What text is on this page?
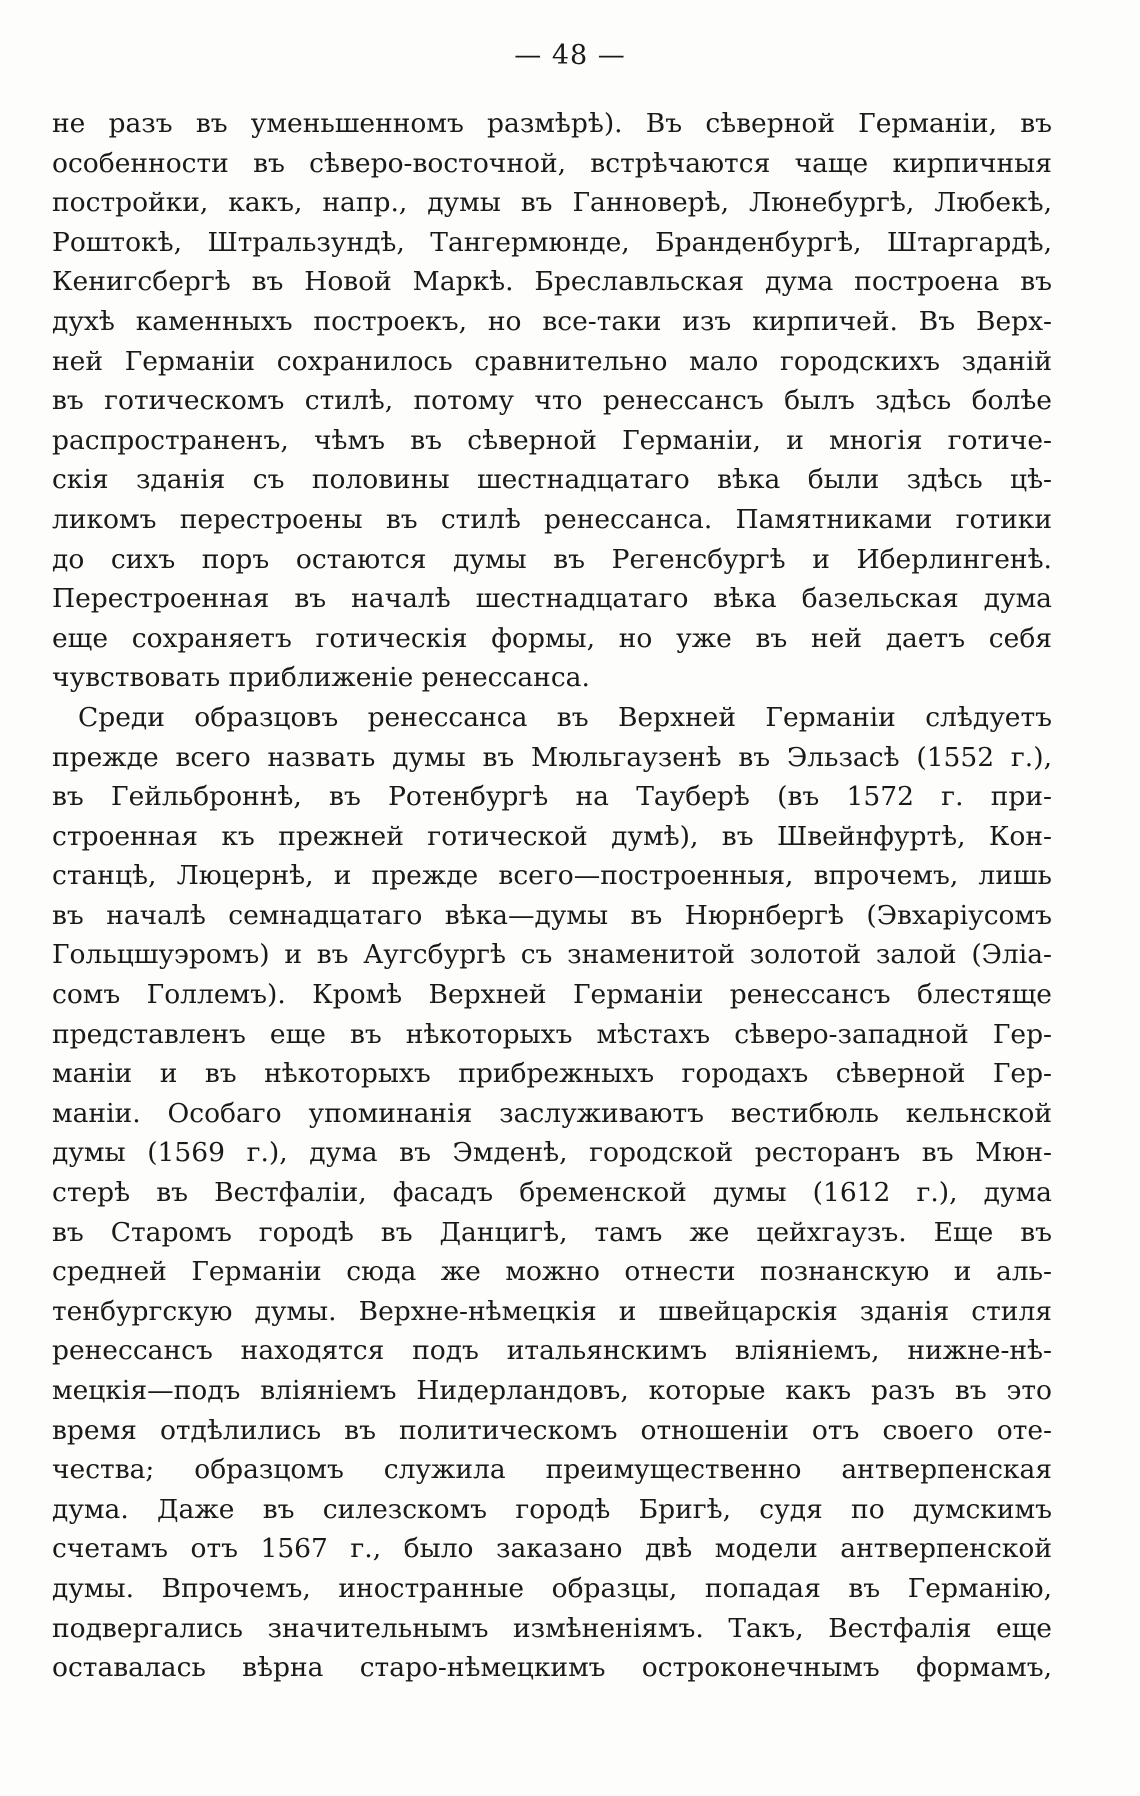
— 48 —
не разъ въ уменьшенномъ размѣрѣ). Въ сѣверной Германіи, въ
особенности въ сѣверо-восточной, встрѣчаются чаще кирпичныя
постройки, какъ, напр., думы въ Ганноверѣ, Люнебургѣ, Любекѣ,
Роштокѣ, Штральзундѣ, Тангермюнде, Бранденбургѣ, Штаргардѣ,
Кенигсбергѣ въ Новой Маркѣ. Бреславльская дума построена въ
духѣ каменныхъ построекъ, но все-таки изъ кирпичей. Въ Верх-
ней Германіи сохранилось сравнительно мало городскихъ зданій
въ готическомъ стилѣ, потому что ренессансъ былъ здѣсь болѣе
распространенъ, чѣмъ въ сѣверной Германіи, и многія готиче-
скія зданія съ половины шестнадцатаго вѣка были здѣсь цѣ-
ликомъ перестроены въ стилѣ ренессанса. Памятниками готики
до сихъ поръ остаются думы въ Регенсбургѣ и Иберлингенѣ.
Перестроенная въ началѣ шестнадцатаго вѣка базельская дума
еще сохраняетъ готическія формы, но уже въ ней даетъ себя
чувствовать приближеніе ренессанса.
Среди образцовъ ренессанса въ Верхней Германіи слѣдуетъ
прежде всего назвать думы въ Мюльгаузенѣ въ Эльзасѣ (1552 г.),
въ Гейльброннѣ, въ Ротенбургѣ на Тауберѣ (въ 1572 г. при-
строенная къ прежней готической думѣ), въ Швейнфуртѣ, Кон-
станцѣ, Люцернѣ, и прежде всего—построенныя, впрочемъ, лишь
въ началѣ семнадцатаго вѣка—думы въ Нюрнбергѣ (Эвхаріусомъ
Гольцшуэромъ) и въ Аугсбургѣ съ знаменитой золотой залой (Эліа-
сомъ Голлемъ). Кромѣ Верхней Германіи ренессансъ блестяще
представленъ еще въ нѣкоторыхъ мѣстахъ сѣверо-западной Гер-
маніи и въ нѣкоторыхъ прибрежныхъ городахъ сѣверной Гер-
маніи. Особаго упоминанія заслуживаютъ вестибюль кельнской
думы (1569 г.), дума въ Эмденѣ, городской ресторанъ въ Мюн-
стерѣ въ Вестфаліи, фасадъ бременской думы (1612 г.), дума
въ Старомъ городѣ въ Данцигѣ, тамъ же цейхгаузъ. Еще въ
средней Германіи сюда же можно отнести познанскую и аль-
тенбургскую думы. Верхне-нѣмецкія и швейцарскія зданія стиля
ренессансъ находятся подъ итальянскимъ вліяніемъ, нижне-нѣ-
мецкія—подъ вліяніемъ Нидерландовъ, которые какъ разъ въ это
время отдѣлились въ политическомъ отношеніи отъ своего оте-
чества; образцомъ служила преимущественно антверпенская
дума. Даже въ силезскомъ городѣ Бригѣ, судя по думскимъ
счетамъ отъ 1567 г., было заказано двѣ модели антверпенской
думы. Впрочемъ, иностранные образцы, попадая въ Германію,
подвергались значительнымъ измѣненіямъ. Такъ, Вестфалія еще
оставалась вѣрна старо-нѣмецкимъ остроконечнымъ формамъ,
